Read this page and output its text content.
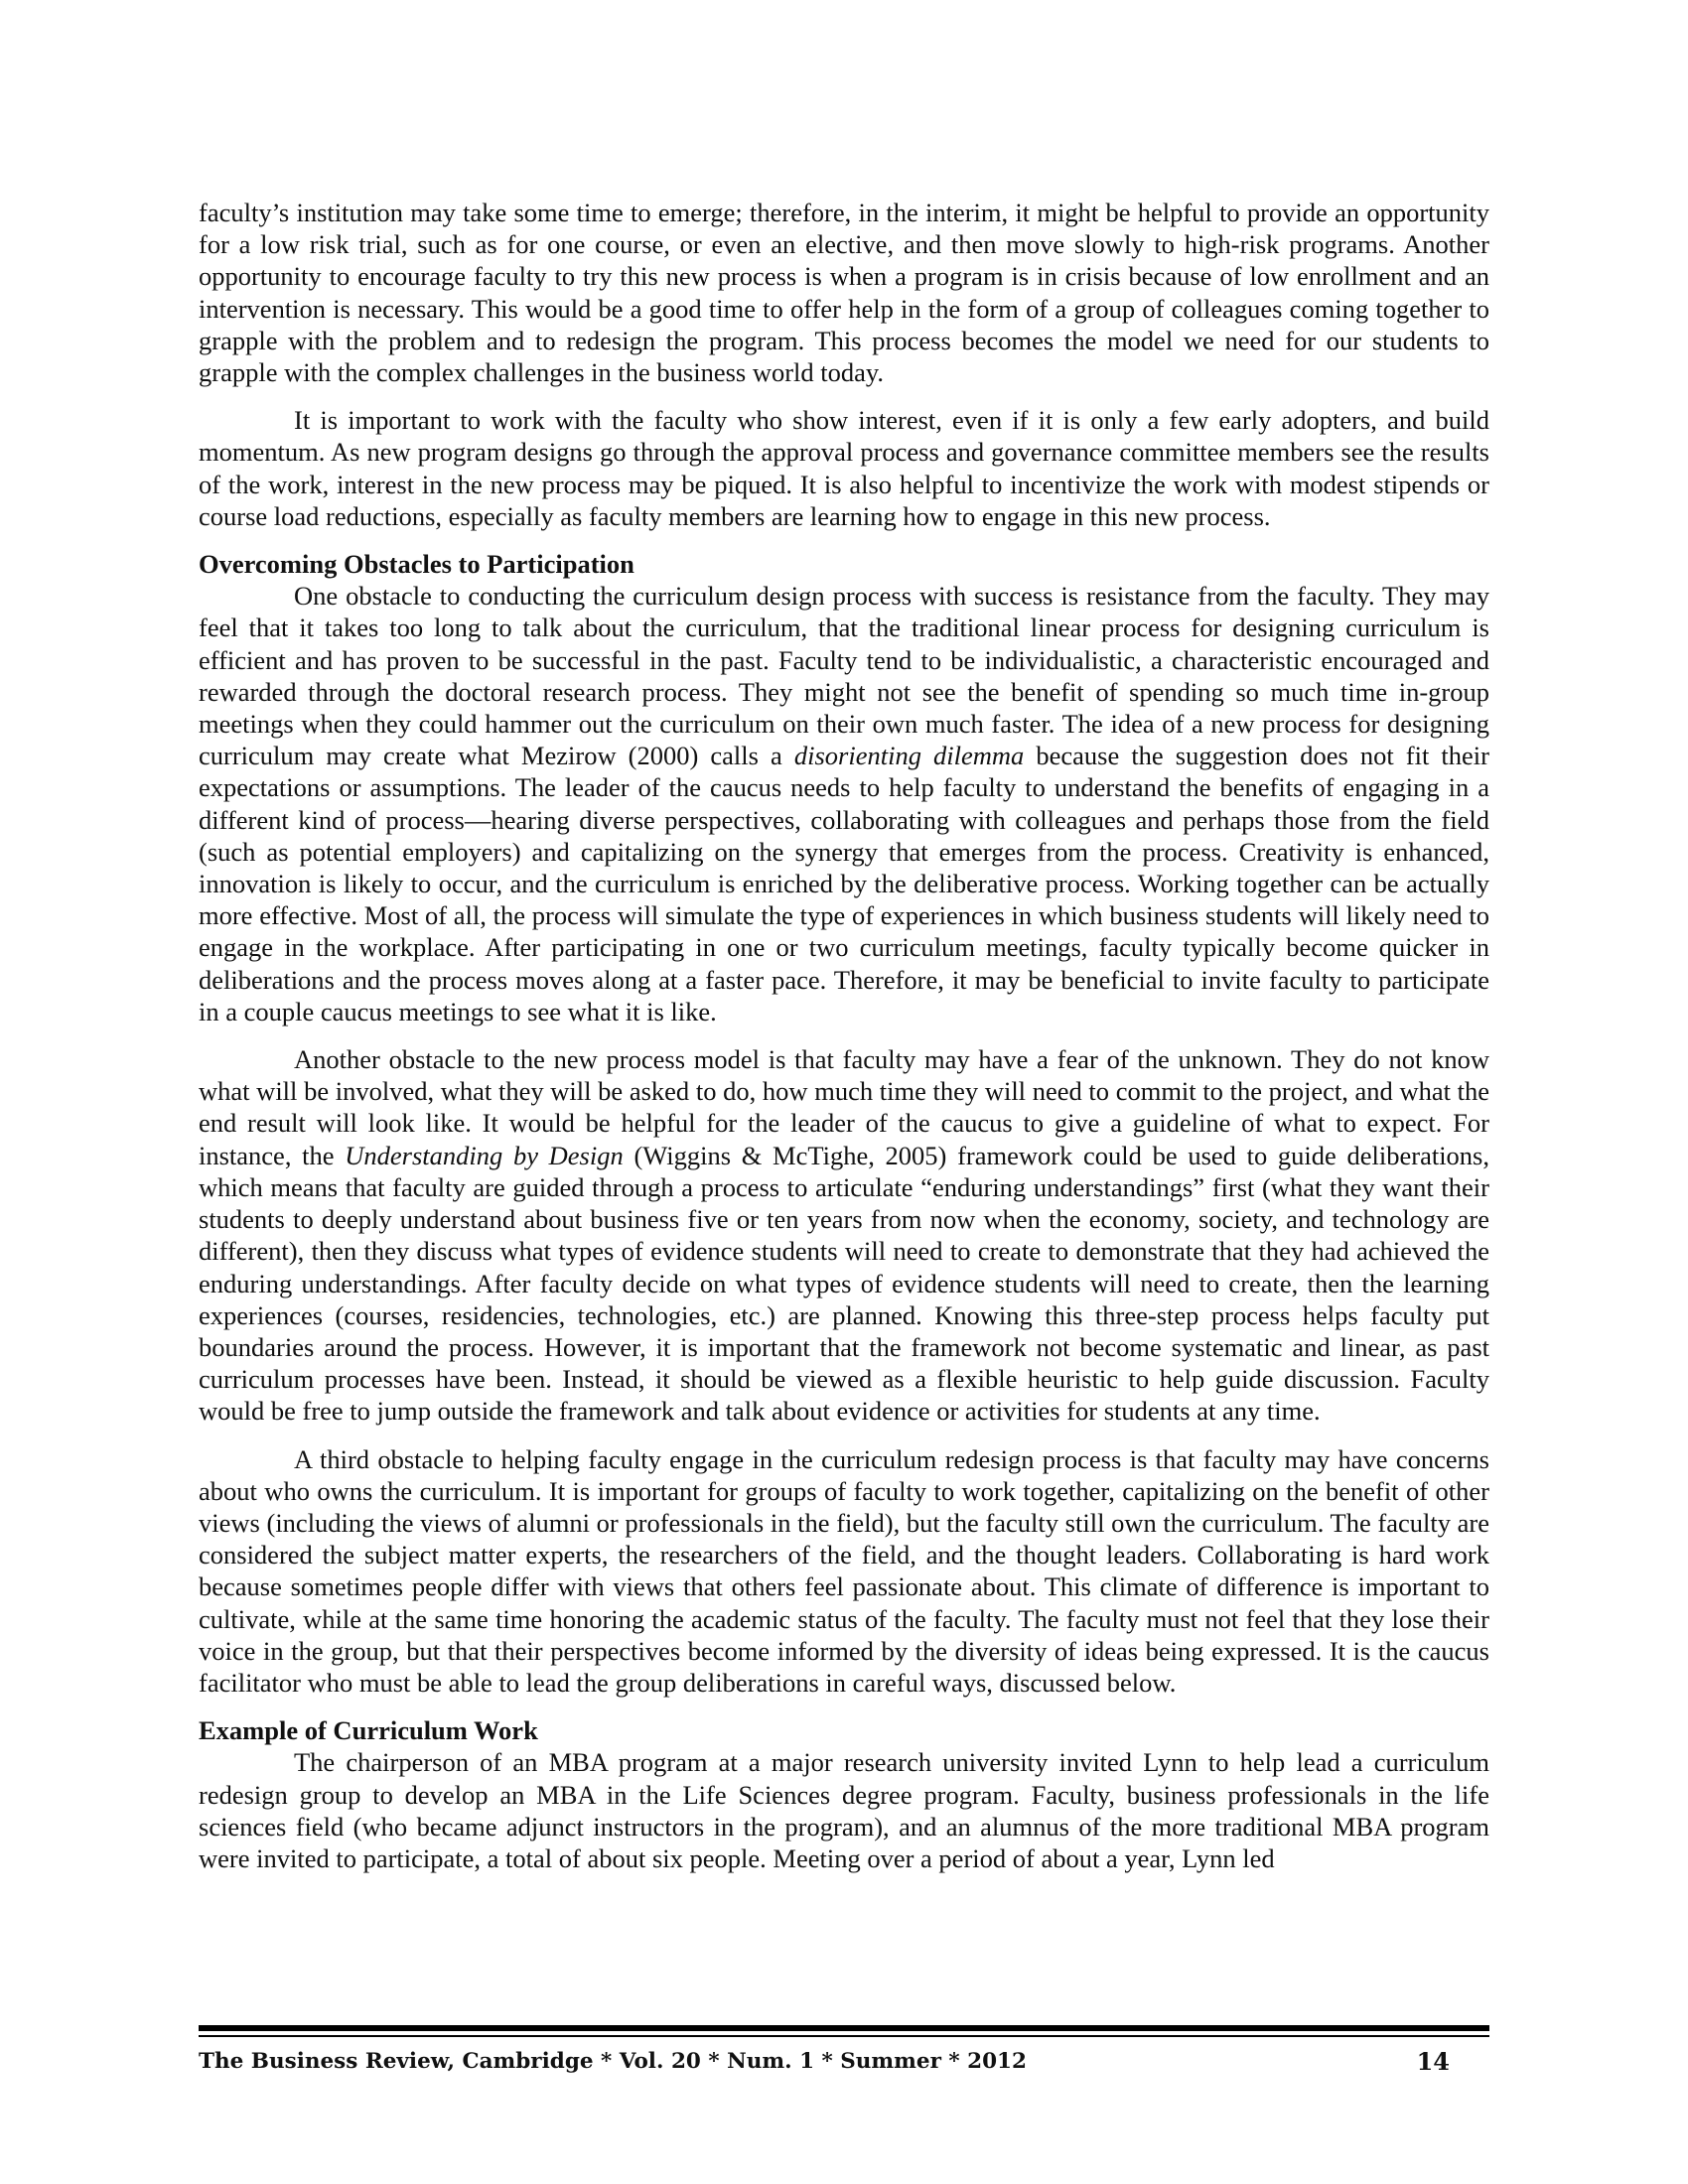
faculty’s institution may take some time to emerge; therefore, in the interim, it might be helpful to provide an opportunity for a low risk trial, such as for one course, or even an elective, and then move slowly to high-risk programs. Another opportunity to encourage faculty to try this new process is when a program is in crisis because of low enrollment and an intervention is necessary. This would be a good time to offer help in the form of a group of colleagues coming together to grapple with the problem and to redesign the program. This process becomes the model we need for our students to grapple with the complex challenges in the business world today.

It is important to work with the faculty who show interest, even if it is only a few early adopters, and build momentum. As new program designs go through the approval process and governance committee members see the results of the work, interest in the new process may be piqued. It is also helpful to incentivize the work with modest stipends or course load reductions, especially as faculty members are learning how to engage in this new process.

Overcoming Obstacles to Participation

One obstacle to conducting the curriculum design process with success is resistance from the faculty. They may feel that it takes too long to talk about the curriculum, that the traditional linear process for designing curriculum is efficient and has proven to be successful in the past. Faculty tend to be individualistic, a characteristic encouraged and rewarded through the doctoral research process. They might not see the benefit of spending so much time in-group meetings when they could hammer out the curriculum on their own much faster. The idea of a new process for designing curriculum may create what Mezirow (2000) calls a disorienting dilemma because the suggestion does not fit their expectations or assumptions. The leader of the caucus needs to help faculty to understand the benefits of engaging in a different kind of process—hearing diverse perspectives, collaborating with colleagues and perhaps those from the field (such as potential employers) and capitalizing on the synergy that emerges from the process. Creativity is enhanced, innovation is likely to occur, and the curriculum is enriched by the deliberative process. Working together can be actually more effective. Most of all, the process will simulate the type of experiences in which business students will likely need to engage in the workplace. After participating in one or two curriculum meetings, faculty typically become quicker in deliberations and the process moves along at a faster pace. Therefore, it may be beneficial to invite faculty to participate in a couple caucus meetings to see what it is like.

Another obstacle to the new process model is that faculty may have a fear of the unknown. They do not know what will be involved, what they will be asked to do, how much time they will need to commit to the project, and what the end result will look like. It would be helpful for the leader of the caucus to give a guideline of what to expect. For instance, the Understanding by Design (Wiggins & McTighe, 2005) framework could be used to guide deliberations, which means that faculty are guided through a process to articulate “enduring understandings” first (what they want their students to deeply understand about business five or ten years from now when the economy, society, and technology are different), then they discuss what types of evidence students will need to create to demonstrate that they had achieved the enduring understandings. After faculty decide on what types of evidence students will need to create, then the learning experiences (courses, residencies, technologies, etc.) are planned. Knowing this three-step process helps faculty put boundaries around the process. However, it is important that the framework not become systematic and linear, as past curriculum processes have been. Instead, it should be viewed as a flexible heuristic to help guide discussion. Faculty would be free to jump outside the framework and talk about evidence or activities for students at any time.

A third obstacle to helping faculty engage in the curriculum redesign process is that faculty may have concerns about who owns the curriculum. It is important for groups of faculty to work together, capitalizing on the benefit of other views (including the views of alumni or professionals in the field), but the faculty still own the curriculum. The faculty are considered the subject matter experts, the researchers of the field, and the thought leaders. Collaborating is hard work because sometimes people differ with views that others feel passionate about. This climate of difference is important to cultivate, while at the same time honoring the academic status of the faculty. The faculty must not feel that they lose their voice in the group, but that their perspectives become informed by the diversity of ideas being expressed. It is the caucus facilitator who must be able to lead the group deliberations in careful ways, discussed below.

Example of Curriculum Work

The chairperson of an MBA program at a major research university invited Lynn to help lead a curriculum redesign group to develop an MBA in the Life Sciences degree program. Faculty, business professionals in the life sciences field (who became adjunct instructors in the program), and an alumnus of the more traditional MBA program were invited to participate, a total of about six people. Meeting over a period of about a year, Lynn led

The Business Review, Cambridge * Vol. 20 * Num. 1 * Summer * 2012	14
